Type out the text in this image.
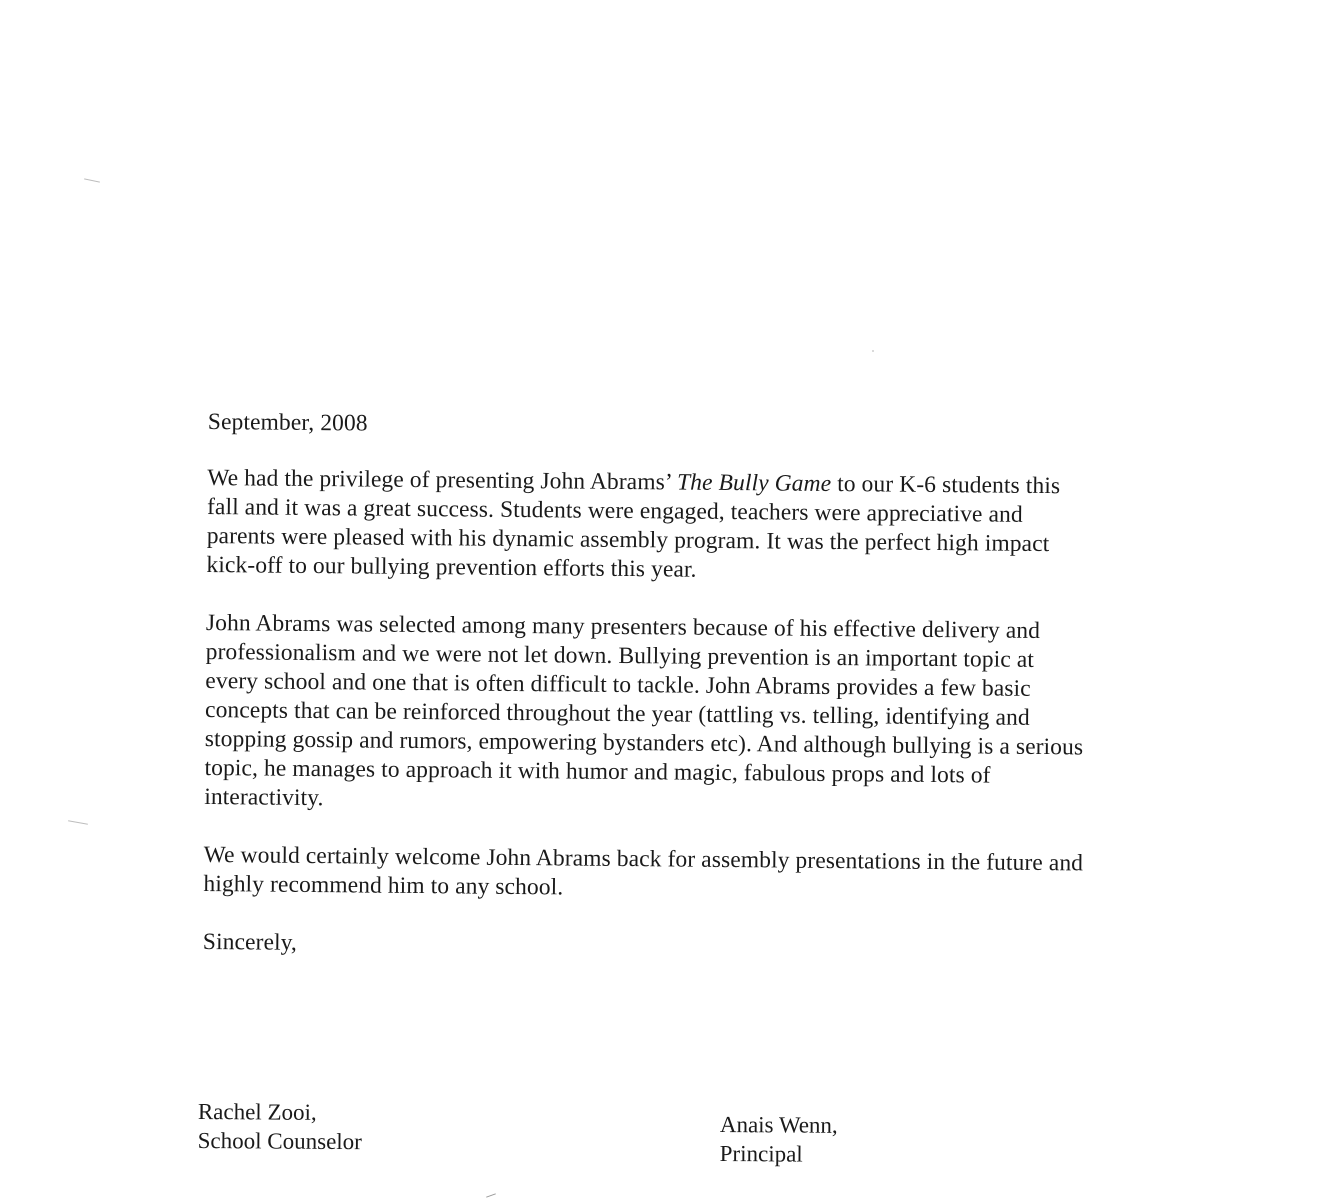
September, 2008

We had the privilege of presenting John Abrams’ The Bully Game to our K-6 students this fall and it was a great success. Students were engaged, teachers were appreciative and parents were pleased with his dynamic assembly program. It was the perfect high impact kick-off to our bullying prevention efforts this year.

John Abrams was selected among many presenters because of his effective delivery and professionalism and we were not let down. Bullying prevention is an important topic at every school and one that is often difficult to tackle. John Abrams provides a few basic concepts that can be reinforced throughout the year (tattling vs. telling, identifying and stopping gossip and rumors, empowering bystanders etc). And although bullying is a serious topic, he manages to approach it with humor and magic, fabulous props and lots of interactivity.

We would certainly welcome John Abrams back for assembly presentations in the future and highly recommend him to any school.

Sincerely,

Rachel Zooi,
School Counselor
Anais Wenn,
Principal
